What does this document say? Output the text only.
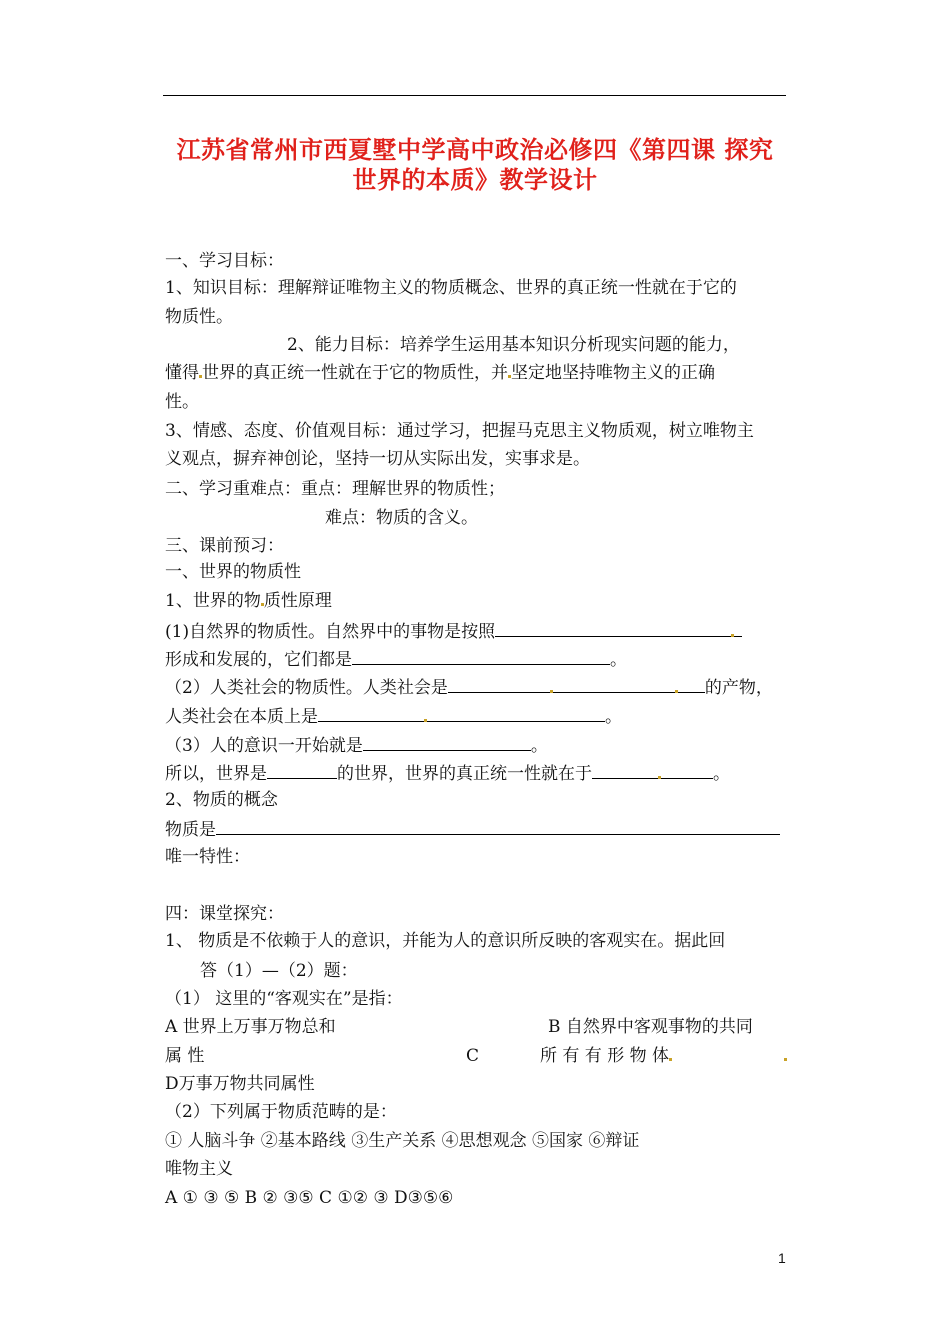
江苏省常州市西夏墅中学高中政治必修四《第四课 探究
世界的本质》教学设计
一、学习目标：
1、知识目标：理解辩证唯物主义的物质概念、世界的真正统一性就在于它的
物质性。
2、能力目标：培养学生运用基本知识分析现实问题的能力，
懂得 世界的真正统一性就在于它的物质性，并 坚定地坚持唯物主义的正确
性。
3、情感、态度、价值观目标：通过学习，把握马克思主义物质观，树立唯物主
义观点，摒弃神创论，坚持一切从实际出发，实事求是。
二、学习重难点：重点：理解世界的物质性；
难点：物质的含义。
三、课前预习：
一、世界的物质性
1、世界的物 质性原理
(1)自然界的物质性。自然界中的事物是按照
形成和发展的，它们都是	。
（2）人类社会的物质性。人类社会是	的产物，
人类社会在本质上是	。
（3）人的意识一开始就是	。
所以，世界是	的世界，世界的真正统一性就在于	。
2、物质的概念
物质是
唯一特性：
四：课堂探究：
1、 物质是不依赖于人的意识，并能为人的意识所反映的客观实在。据此回
答（1）—（2）题：
（1） 这里的“客观实在”是指：
A 世界上万事万物总和	B 自然界中客观事物的共同
属 性	C	所 有 有 形 物 体
D万事万物共同属性
（2）下列属于物质范畴的是：
① 人脑斗争 ②基本路线 ③生产关系 ④思想观念 ⑤国家 ⑥辩证
唯物主义
A ① ③ ⑤ B ② ③⑤ C ①② ③ D③⑤⑥
1
